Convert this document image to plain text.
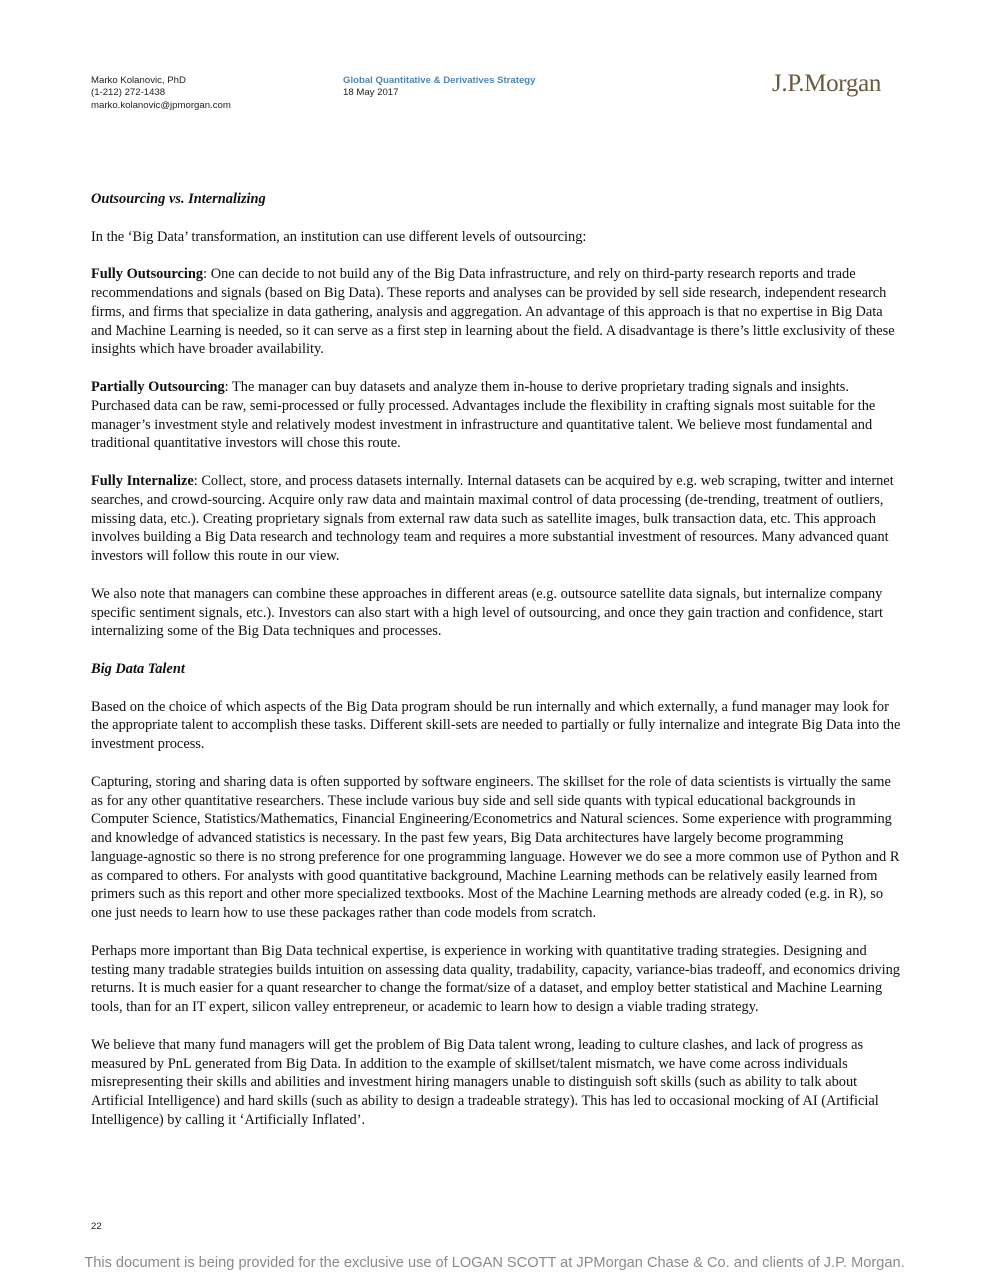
Marko Kolanovic, PhD
(1-212) 272-1438
marko.kolanovic@jpmorgan.com
Global Quantitative & Derivatives Strategy
18 May 2017	J.P.Morgan
Outsourcing vs. Internalizing

In the ‘Big Data’ transformation, an institution can use different levels of outsourcing:

Fully Outsourcing: One can decide to not build any of the Big Data infrastructure, and rely on third-party research reports and trade recommendations and signals (based on Big Data). These reports and analyses can be provided by sell side research, independent research firms, and firms that specialize in data gathering, analysis and aggregation. An advantage of this approach is that no expertise in Big Data and Machine Learning is needed, so it can serve as a first step in learning about the field. A disadvantage is there’s little exclusivity of these insights which have broader availability.

Partially Outsourcing: The manager can buy datasets and analyze them in-house to derive proprietary trading signals and insights. Purchased data can be raw, semi-processed or fully processed. Advantages include the flexibility in crafting signals most suitable for the manager’s investment style and relatively modest investment in infrastructure and quantitative talent. We believe most fundamental and traditional quantitative investors will chose this route.

Fully Internalize: Collect, store, and process datasets internally. Internal datasets can be acquired by e.g. web scraping, twitter and internet searches, and crowd-sourcing. Acquire only raw data and maintain maximal control of data processing (de-trending, treatment of outliers, missing data, etc.). Creating proprietary signals from external raw data such as satellite images, bulk transaction data, etc. This approach involves building a Big Data research and technology team and requires a more substantial investment of resources. Many advanced quant investors will follow this route in our view.

We also note that managers can combine these approaches in different areas (e.g. outsource satellite data signals, but internalize company specific sentiment signals, etc.). Investors can also start with a high level of outsourcing, and once they gain traction and confidence, start internalizing some of the Big Data techniques and processes.

Big Data Talent

Based on the choice of which aspects of the Big Data program should be run internally and which externally, a fund manager may look for the appropriate talent to accomplish these tasks. Different skill-sets are needed to partially or fully internalize and integrate Big Data into the investment process.

Capturing, storing and sharing data is often supported by software engineers. The skillset for the role of data scientists is virtually the same as for any other quantitative researchers. These include various buy side and sell side quants with typical educational backgrounds in Computer Science, Statistics/Mathematics, Financial Engineering/Econometrics and Natural sciences. Some experience with programming and knowledge of advanced statistics is necessary. In the past few years, Big Data architectures have largely become programming language-agnostic so there is no strong preference for one programming language. However we do see a more common use of Python and R as compared to others. For analysts with good quantitative background, Machine Learning methods can be relatively easily learned from primers such as this report and other more specialized textbooks. Most of the Machine Learning methods are already coded (e.g. in R), so one just needs to learn how to use these packages rather than code models from scratch.

Perhaps more important than Big Data technical expertise, is experience in working with quantitative trading strategies. Designing and testing many tradable strategies builds intuition on assessing data quality, tradability, capacity, variance-bias tradeoff, and economics driving returns. It is much easier for a quant researcher to change the format/size of a dataset, and employ better statistical and Machine Learning tools, than for an IT expert, silicon valley entrepreneur, or academic to learn how to design a viable trading strategy.

We believe that many fund managers will get the problem of Big Data talent wrong, leading to culture clashes, and lack of progress as measured by PnL generated from Big Data. In addition to the example of skillset/talent mismatch, we have come across individuals misrepresenting their skills and abilities and investment hiring managers unable to distinguish soft skills (such as ability to talk about Artificial Intelligence) and hard skills (such as ability to design a tradeable strategy). This has led to occasional mocking of AI (Artificial Intelligence) by calling it ‘Artificially Inflated’.

22
This document is being provided for the exclusive use of LOGAN SCOTT at JPMorgan Chase & Co. and clients of J.P. Morgan.
